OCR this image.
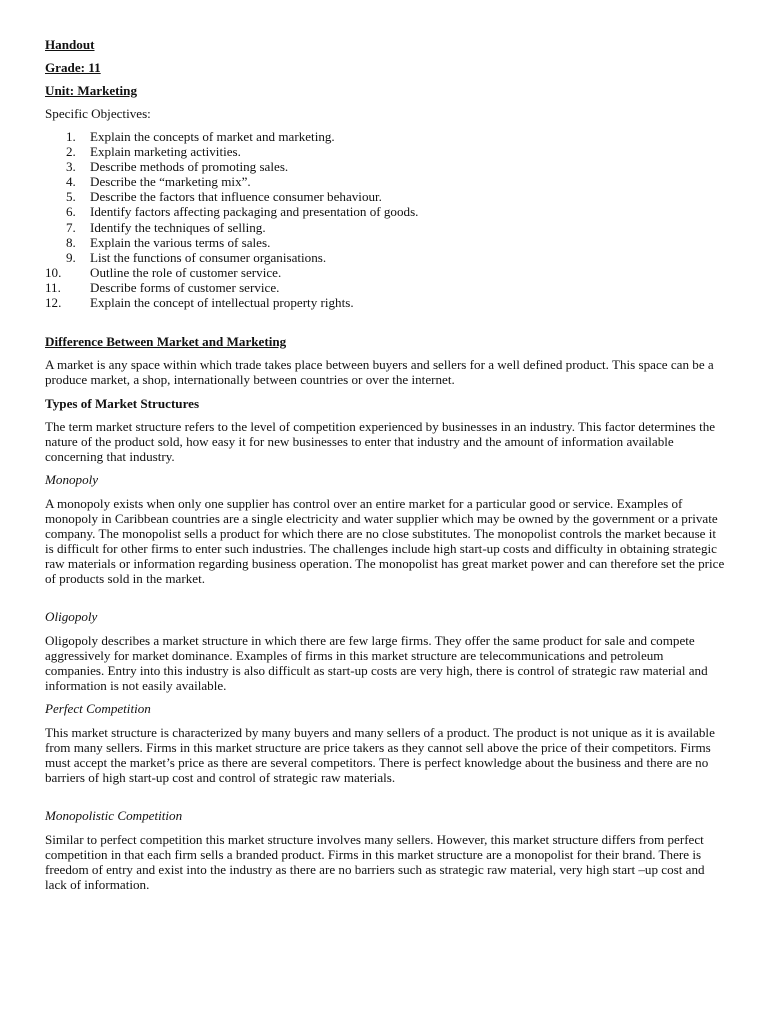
Handout
Grade: 11
Unit: Marketing
Specific Objectives:
1.	Explain the concepts of market and marketing.
2.	Explain marketing activities.
3.	Describe methods of promoting sales.
4.	Describe the “marketing mix”.
5.	Describe the factors that influence consumer behaviour.
6.	Identify factors affecting packaging and presentation of goods.
7.	Identify the techniques of selling.
8.	Explain the various terms of sales.
9.	List the functions of consumer organisations.
10.	Outline the role of customer service.
11.	Describe forms of customer service.
12.	Explain the concept of intellectual property rights.
Difference Between Market and Marketing

A market is any space within which trade takes place between buyers and sellers for a well defined product. This space can be a produce market, a shop, internationally between countries or over the internet.

Types of Market Structures

The term market structure refers to the level of competition experienced by businesses in an industry. This factor determines the nature of the product sold, how easy it for new businesses to enter that industry and the amount of information available concerning that industry.

Monopoly

A monopoly exists when only one supplier has control over an entire market for a particular good or service. Examples of monopoly in Caribbean countries are a single electricity and water supplier which may be owned by the government or a private company. The monopolist sells a product for which there are no close substitutes. The monopolist controls the market because it is difficult for other firms to enter such industries. The challenges include high start-up costs and difficulty in obtaining strategic raw materials or information regarding business operation. The monopolist has great market power and can therefore set the price of products sold in the market.

Oligopoly

Oligopoly describes a market structure in which there are few large firms. They offer the same product for sale and compete aggressively for market dominance. Examples of firms in this market structure are telecommunications and petroleum companies. Entry into this industry is also difficult as start-up costs are very high, there is control of strategic raw material and information is not easily available.

Perfect Competition

This market structure is characterized by many buyers and many sellers of a product. The product is not unique as it is available from many sellers. Firms in this market structure are price takers as they cannot sell above the price of their competitors. Firms must accept the market’s price as there are several competitors. There is perfect knowledge about the business and there are no barriers of high start-up cost and control of strategic raw materials.

Monopolistic Competition

Similar to perfect competition this market structure involves many sellers. However, this market structure differs from perfect competition in that each firm sells a branded product. Firms in this market structure are a monopolist for their brand. There is freedom of entry and exist into the industry as there are no barriers such as strategic raw material, very high start –up cost and lack of information.
